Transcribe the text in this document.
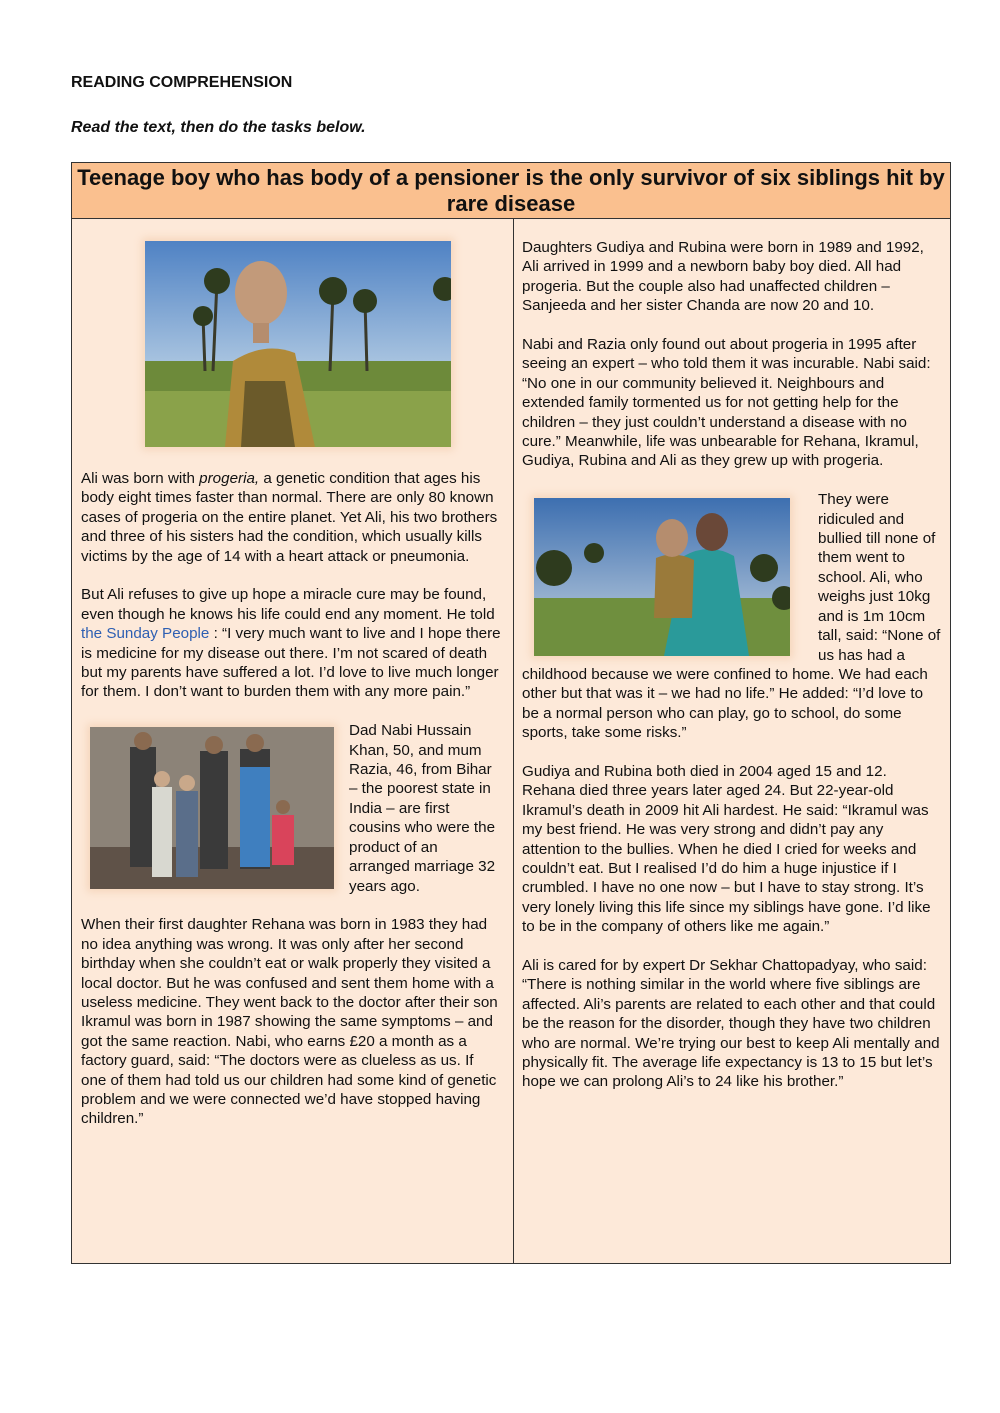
READING COMPREHENSION
Read the text, then do the tasks below.
Teenage boy who has body of a pensioner is the only survivor of six siblings hit by rare disease

Ali was born with progeria, a genetic condition that ages his body eight times faster than normal. There are only 80 known cases of progeria on the entire planet. Yet Ali, his two brothers and three of his sisters had the condition, which usually kills victims by the age of 14 with a heart attack or pneumonia.

But Ali refuses to give up hope a miracle cure may be found, even though he knows his life could end any moment. He told the Sunday People : “I very much want to live and I hope there is medicine for my disease out there. I’m not scared of death but my parents have suffered a lot. I’d love to live much longer for them. I don’t want to burden them with any more pain.”

Dad Nabi Hussain Khan, 50, and mum Razia, 46, from Bihar – the poorest state in India – are first cousins who were the product of an arranged marriage 32 years ago.

When their first daughter Rehana was born in 1983 they had no idea anything was wrong. It was only after her second birthday when she couldn’t eat or walk properly they visited a local doctor. But he was confused and sent them home with a useless medicine. They went back to the doctor after their son Ikramul was born in 1987 showing the same symptoms – and got the same reaction. Nabi, who earns £20 a month as a factory guard, said: “The doctors were as clueless as us. If one of them had told us our children had some kind of genetic problem and we were connected we’d have stopped having children.”

Daughters Gudiya and Rubina were born in 1989 and 1992, Ali arrived in 1999 and a newborn baby boy died. All had progeria. But the couple also had unaffected children – Sanjeeda and her sister Chanda are now 20 and 10.

Nabi and Razia only found out about progeria in 1995 after seeing an expert – who told them it was incurable. Nabi said: “No one in our community believed it. Neighbours and extended family tormented us for not getting help for the children – they just couldn’t understand a disease with no cure.” Meanwhile, life was unbearable for Rehana, Ikramul, Gudiya, Rubina and Ali as they grew up with progeria.

They were ridiculed and bullied till none of them went to school. Ali, who weighs just 10kg and is 1m 10cm tall, said: “None of us has had a childhood because we were confined to home. We had each other but that was it – we had no life.” He added: “I’d love to be a normal person who can play, go to school, do some sports, take some risks.”

Gudiya and Rubina both died in 2004 aged 15 and 12. Rehana died three years later aged 24. But 22-year-old Ikramul’s death in 2009 hit Ali hardest. He said: “Ikramul was my best friend. He was very strong and didn’t pay any attention to the bullies. When he died I cried for weeks and couldn’t eat. But I realised I’d do him a huge injustice if I crumbled. I have no one now – but I have to stay strong. It’s very lonely living this life since my siblings have gone. I’d like to be in the company of others like me again.”

Ali is cared for by expert Dr Sekhar Chattopadyay, who said: “There is nothing similar in the world where five siblings are affected. Ali’s parents are related to each other and that could be the reason for the disorder, though they have two children who are normal. We’re trying our best to keep Ali mentally and physically fit. The average life expectancy is 13 to 15 but let’s hope we can prolong Ali’s to 24 like his brother.”
